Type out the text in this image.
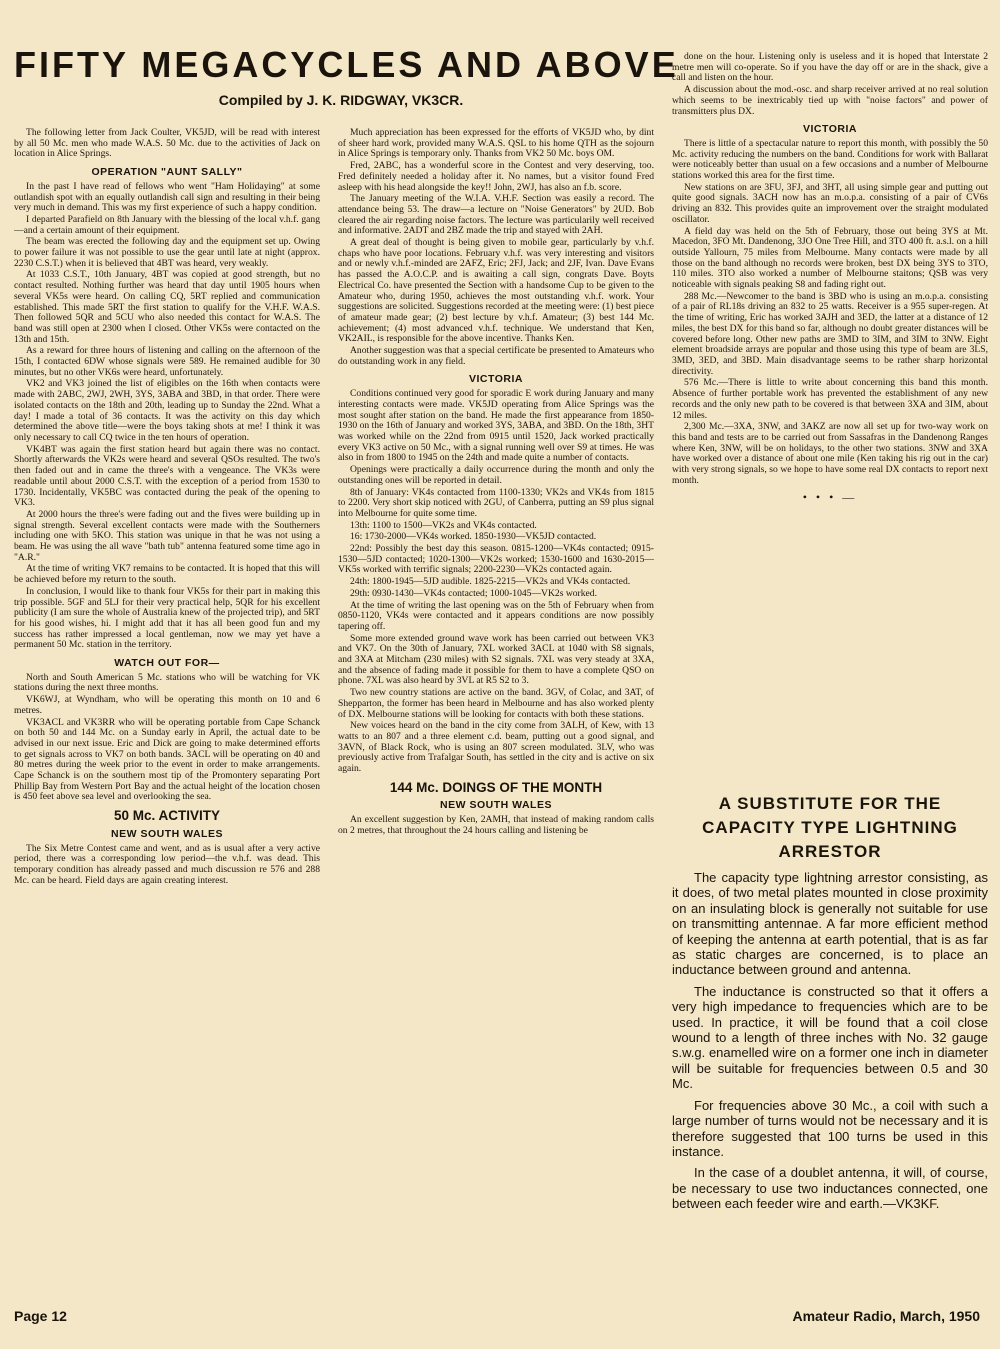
FIFTY MEGACYCLES AND ABOVE
Compiled by J. K. RIDGWAY, VK3CR.

The following letter from Jack Coulter, VK5JD, will be read with interest by all 50 Mc. men who made W.A.S. 50 Mc. due to the activities of Jack on location in Alice Springs.

OPERATION "AUNT SALLY"

In the past I have read of fellows who went "Ham Holidaying" at some outlandish spot with an equally outlandish call sign and resulting in their being very much in demand. This was my first experience of such a happy condition.

I departed Parafield on 8th January with the blessing of the local v.h.f. gang—and a certain amount of their equipment.

The beam was erected the following day and the equipment set up. Owing to power failure it was not possible to use the gear until late at night (approx. 2230 C.S.T.) when it is believed that 4BT was heard, very weakly.

At 1033 C.S.T., 10th January, 4BT was copied at good strength, but no contact resulted. Nothing further was heard that day until 1905 hours when several VK5s were heard. On calling CQ, 5RT replied and communication established. This made 5RT the first station to qualify for the V.H.F. W.A.S. Then followed 5QR and 5CU who also needed this contact for W.A.S. The band was still open at 2300 when I closed. Other VK5s were contacted on the 13th and 15th.

As a reward for three hours of listening and calling on the afternoon of the 15th, I contacted 6DW whose signals were 589. He remained audible for 30 minutes, but no other VK6s were heard, unfortunately.

VK2 and VK3 joined the list of eligibles on the 16th when contacts were made with 2ABC, 2WJ, 2WH, 3YS, 3ABA and 3BD, in that order. There were isolated contacts on the 18th and 20th, leading up to Sunday the 22nd. What a day! I made a total of 36 contacts. It was the activity on this day which determined the above title—were the boys taking shots at me! I think it was only necessary to call CQ twice in the ten hours of operation.

VK4BT was again the first station heard but again there was no contact. Shortly afterwards the VK2s were heard and several QSOs resulted. The two's then faded out and in came the three's with a vengeance. The VK3s were readable until about 2000 C.S.T. with the exception of a period from 1530 to 1730. Incidentally, VK5BC was contacted during the peak of the opening to VK3.

At 2000 hours the three's were fading out and the fives were building up in signal strength. Several excellent contacts were made with the Southerners including one with 5KO. This station was unique in that he was not using a beam. He was using the all wave "bath tub" antenna featured some time ago in "A.R."

At the time of writing VK7 remains to be contacted. It is hoped that this will be achieved before my return to the south.

In conclusion, I would like to thank four VK5s for their part in making this trip possible. 5GF and 5LJ for their very practical help, 5QR for his excellent publicity (I am sure the whole of Australia knew of the projected trip), and 5RT for his good wishes, hi. I might add that it has all been good fun and my success has rather impressed a local gentleman, now we may yet have a permanent 50 Mc. station in the territory.

WATCH OUT FOR—

North and South American 5 Mc. stations who will be watching for VK stations during the next three months.

VK6WJ, at Wyndham, who will be operating this month on 10 and 6 metres.

VK3ACL and VK3RR who will be operating portable from Cape Schanck on both 50 and 144 Mc. on a Sunday early in April, the actual date to be advised in our next issue. Eric and Dick are going to make determined efforts to get signals across to VK7 on both bands. 3ACL will be operating on 40 and 80 metres during the week prior to the event in order to make arrangements. Cape Schanck is on the southern most tip of the Promontery separating Port Phillip Bay from Western Port Bay and the actual height of the location chosen is 450 feet above sea level and overlooking the sea.

50 Mc. ACTIVITY
NEW SOUTH WALES

The Six Metre Contest came and went, and as is usual after a very active period, there was a corresponding low period—the v.h.f. was dead. This temporary condition has already passed and much discussion re 576 and 288 Mc. can be heard. Field days are again creating interest.

Much appreciation has been expressed for the efforts of VK5JD who, by dint of sheer hard work, provided many W.A.S. QSL to his home QTH as the sojourn in Alice Springs is temporary only. Thanks from VK2 50 Mc. boys OM.

Fred, 2ABC, has a wonderful score in the Contest and very deserving, too. Fred definitely needed a holiday after it. No names, but a visitor found Fred asleep with his head alongside the key!! John, 2WJ, has also an f.b. score.

The January meeting of the W.I.A. V.H.F. Section was easily a record. The attendance being 53. The draw—a lecture on "Noise Generators" by 2UD. Bob cleared the air regarding noise factors. The lecture was particularily well received and informative. 2ADT and 2BZ made the trip and stayed with 2AH.

A great deal of thought is being given to mobile gear, particularly by v.h.f. chaps who have poor locations. February v.h.f. was very interesting and visitors and or newly v.h.f.-minded are 2AFZ, Eric; 2FJ, Jack; and 2JF, Ivan. Dave Evans has passed the A.O.C.P. and is awaiting a call sign, congrats Dave. Boyts Electrical Co. have presented the Section with a handsome Cup to be given to the Amateur who, during 1950, achieves the most outstanding v.h.f. work. Your suggestions are solicited. Suggestions recorded at the meeting were: (1) best piece of amateur made gear; (2) best lecture by v.h.f. Amateur; (3) best 144 Mc. achievement; (4) most advanced v.h.f. technique. We understand that Ken, VK2AIL, is responsible for the above incentive. Thanks Ken.

Another suggestion was that a special certificate be presented to Amateurs who do outstanding work in any field.

VICTORIA

Conditions continued very good for sporadic E work during January and many interesting contacts were made. VK5JD operating from Alice Springs was the most sought after station on the band. He made the first appearance from 1850-1930 on the 16th of January and worked 3YS, 3ABA, and 3BD. On the 18th, 3HT was worked while on the 22nd from 0915 until 1520, Jack worked practically every VK3 active on 50 Mc., with a signal running well over S9 at times. He was also in from 1800 to 1945 on the 24th and made quite a number of contacts.

Openings were practically a daily occurrence during the month and only the outstanding ones will be reported in detail.

8th of January: VK4s contacted from 1100-1330; VK2s and VK4s from 1815 to 2200. Very short skip noticed with 2GU, of Canberra, putting an S9 plus signal into Melbourne for quite some time.

13th: 1100 to 1500—VK2s and VK4s contacted.

16: 1730-2000—VK4s worked. 1850-1930—VK5JD contacted.

22nd: Possibly the best day this season. 0815-1200—VK4s contacted; 0915-1530—5JD contacted; 1020-1300—VK2s worked; 1530-1600 and 1630-2015—VK5s worked with terrific signals; 2200-2230—VK2s contacted again.

24th: 1800-1945—5JD audible. 1825-2215—VK2s and VK4s contacted.

29th: 0930-1430—VK4s contacted; 1000-1045—VK2s worked.

At the time of writing the last opening was on the 5th of February when from 0850-1120, VK4s were contacted and it appears conditions are now possibly tapering off.

Some more extended ground wave work has been carried out between VK3 and VK7. On the 30th of January, 7XL worked 3ACL at 1040 with S8 signals, and 3XA at Mitcham (230 miles) with S2 signals. 7XL was very steady at 3XA, and the absence of fading made it possible for them to have a complete QSO on phone. 7XL was also heard by 3VL at R5 S2 to 3.

Two new country stations are active on the band. 3GV, of Colac, and 3AT, of Shepparton, the former has been heard in Melbourne and has also worked plenty of DX. Melbourne stations will be looking for contacts with both these stations.

New voices heard on the band in the city come from 3ALH, of Kew, with 13 watts to an 807 and a three element c.d. beam, putting out a good signal, and 3AVN, of Black Rock, who is using an 807 screen modulated. 3LV, who was previously active from Trafalgar South, has settled in the city and is active on six again.

144 Mc. DOINGS OF THE MONTH
NEW SOUTH WALES

An excellent suggestion by Ken, 2AMH, that instead of making random calls on 2 metres, that throughout the 24 hours calling and listening be

done on the hour. Listening only is useless and it is hoped that Interstate 2 metre men will co-operate. So if you have the day off or are in the shack, give a call and listen on the hour.

A discussion about the mod.-osc. and sharp receiver arrived at no real solution which seems to be inextricably tied up with "noise factors" and power of transmitters plus DX.

VICTORIA

There is little of a spectacular nature to report this month, with possibly the 50 Mc. activity reducing the numbers on the band. Conditions for work with Ballarat were noticeably better than usual on a few occasions and a number of Melbourne stations worked this area for the first time.

New stations on are 3FU, 3FJ, and 3HT, all using simple gear and putting out quite good signals. 3ACH now has an m.o.p.a. consisting of a pair of CV6s driving an 832. This provides quite an improvement over the straight modulated oscillator.

A field day was held on the 5th of February, those out being 3YS at Mt. Macedon, 3FO Mt. Dandenong, 3JO One Tree Hill, and 3TO 400 ft. a.s.l. on a hill outside Yallourn, 75 miles from Melbourne. Many contacts were made by all those on the band although no records were broken, best DX being 3YS to 3TO, 110 miles. 3TO also worked a number of Melbourne staitons; QSB was very noticeable with signals peaking S8 and fading right out.

288 Mc.—Newcomer to the band is 3BD who is using an m.o.p.a. consisting of a pair of RL18s driving an 832 to 25 watts. Receiver is a 955 super-regen. At the time of writing, Eric has worked 3AJH and 3ED, the latter at a distance of 12 miles, the best DX for this band so far, although no doubt greater distances will be covered before long. Other new paths are 3MD to 3IM, and 3IM to 3NW. Eight element broadside arrays are popular and those using this type of beam are 3LS, 3MD, 3ED, and 3BD. Main disadvantage seems to be rather sharp horizontal directivity.

576 Mc.—There is little to write about concerning this band this month. Absence of further portable work has prevented the establishment of any new records and the only new path to be covered is that between 3XA and 3IM, about 12 miles.

2,300 Mc.—3XA, 3NW, and 3AKZ are now all set up for two-way work on this band and tests are to be carried out from Sassafras in the Dandenong Ranges where Ken, 3NW, will be on holidays, to the other two stations. 3NW and 3XA have worked over a distance of about one mile (Ken taking his rig out in the car) with very strong signals, so we hope to have some real DX contacts to report next month.

• • • —
A SUBSTITUTE FOR THE CAPACITY TYPE LIGHTNING ARRESTOR

The capacity type lightning arrestor consisting, as it does, of two metal plates mounted in close proximity on an insulating block is generally not suitable for use on transmitting antennae. A far more efficient method of keeping the antenna at earth potential, that is as far as static charges are concerned, is to place an inductance between ground and antenna.

The inductance is constructed so that it offers a very high impedance to frequencies which are to be used. In practice, it will be found that a coil close wound to a length of three inches with No. 32 gauge s.w.g. enamelled wire on a former one inch in diameter will be suitable for frequencies between 0.5 and 30 Mc.

For frequencies above 30 Mc., a coil with such a large number of turns would not be necessary and it is therefore suggested that 100 turns be used in this instance.

In the case of a doublet antenna, it will, of course, be necessary to use two inductances connected, one between each feeder wire and earth.—VK3KF.

Page 12	Amateur Radio, March, 1950
